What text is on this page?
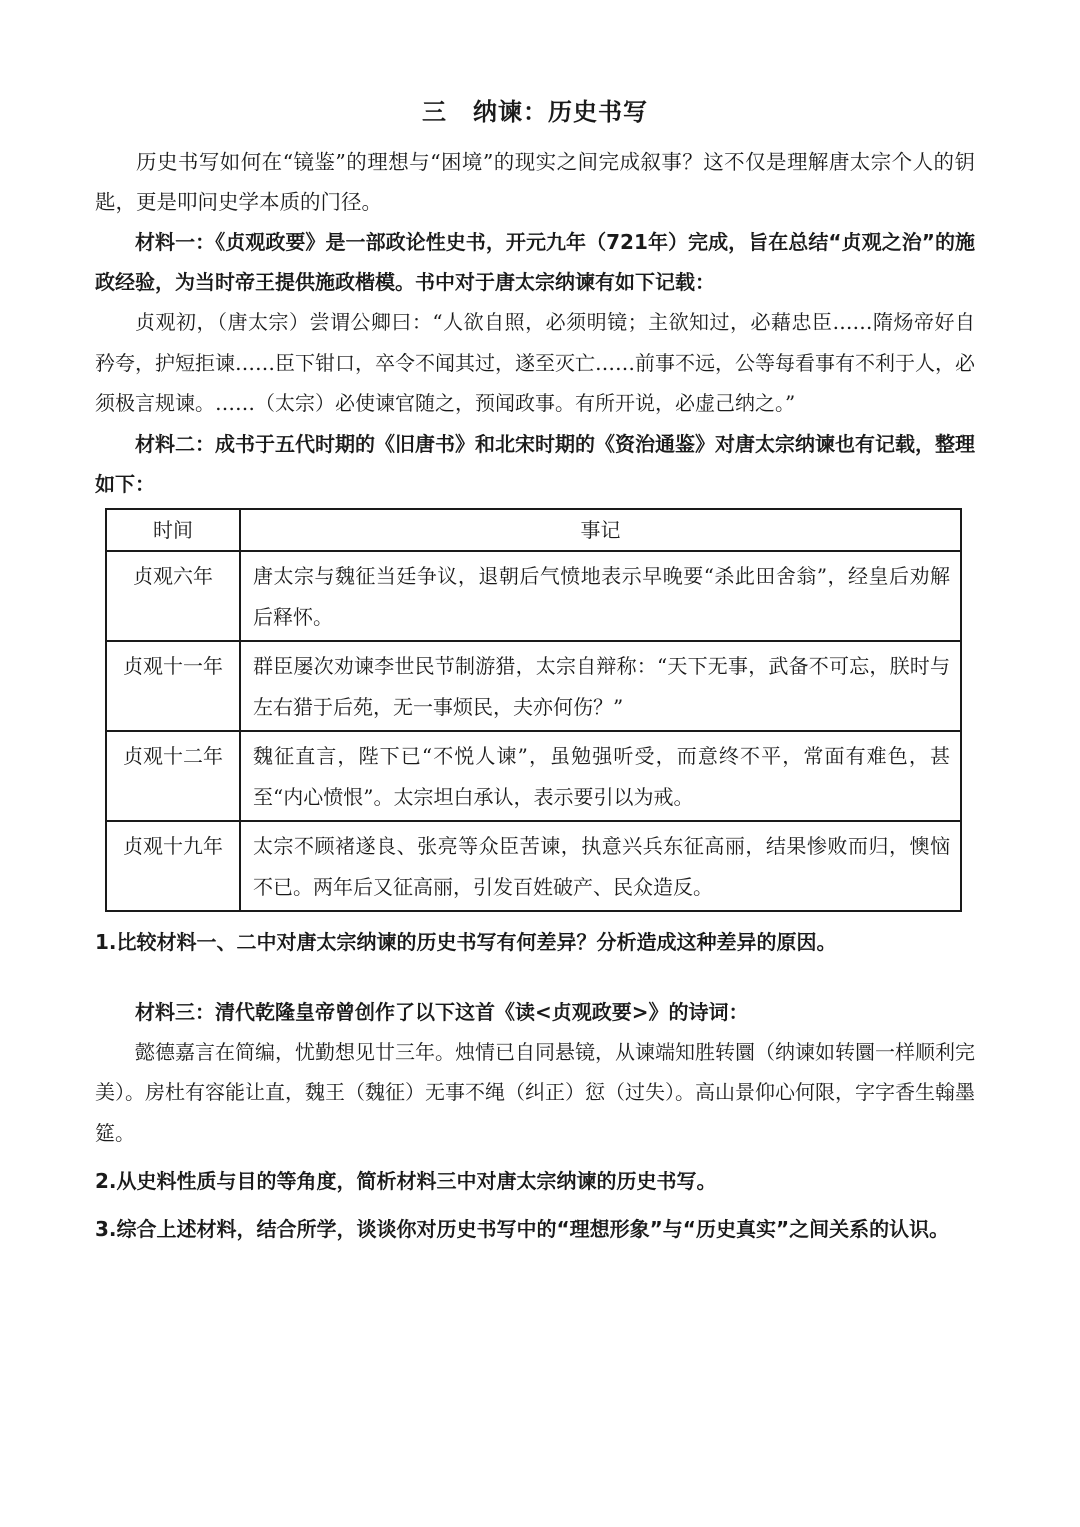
三 纳谏：历史书写

历史书写如何在“镜鉴”的理想与“困境”的现实之间完成叙事？这不仅是理解唐太宗个人的钥匙，更是叩问史学本质的门径。

材料一：《贞观政要》是一部政论性史书，开元九年（721年）完成，旨在总结“贞观之治”的施政经验，为当时帝王提供施政楷模。书中对于唐太宗纳谏有如下记载：

贞观初，（唐太宗）尝谓公卿曰：“人欲自照，必须明镜；主欲知过，必藉忠臣……隋炀帝好自矜夸，护短拒谏……臣下钳口，卒令不闻其过，遂至灭亡……前事不远，公等每看事有不利于人，必须极言规谏。……（太宗）必使谏官随之，预闻政事。有所开说，必虚己纳之。”

材料二：成书于五代时期的《旧唐书》和北宋时期的《资治通鉴》对唐太宗纳谏也有记载，整理如下：

时间	事记
贞观六年	唐太宗与魏征当廷争议，退朝后气愤地表示早晚要“杀此田舍翁”，经皇后劝解后释怀。
贞观十一年	群臣屡次劝谏李世民节制游猎，太宗自辩称：“天下无事，武备不可忘，朕时与左右猎于后苑，无一事烦民，夫亦何伤？”
贞观十二年	魏征直言，陛下已“不悦人谏”，虽勉强听受，而意终不平，常面有难色，甚至“内心愤恨”。太宗坦白承认，表示要引以为戒。
贞观十九年	太宗不顾褚遂良、张亮等众臣苦谏，执意兴兵东征高丽，结果惨败而归，懊恼不已。两年后又征高丽，引发百姓破产、民众造反。

1.比较材料一、二中对唐太宗纳谏的历史书写有何差异？分析造成这种差异的原因。

材料三：清代乾隆皇帝曾创作了以下这首《读<贞观政要>》的诗词：

懿德嘉言在简编，忧勤想见廿三年。烛情已自同悬镜，从谏端知胜转圜（纳谏如转圜一样顺利完美）。房杜有容能让直，魏王（魏征）无事不绳（纠正）愆（过失）。高山景仰心何限，字字香生翰墨筵。

2.从史料性质与目的等角度，简析材料三中对唐太宗纳谏的历史书写。

3.综合上述材料，结合所学，谈谈你对历史书写中的“理想形象”与“历史真实”之间关系的认识。
